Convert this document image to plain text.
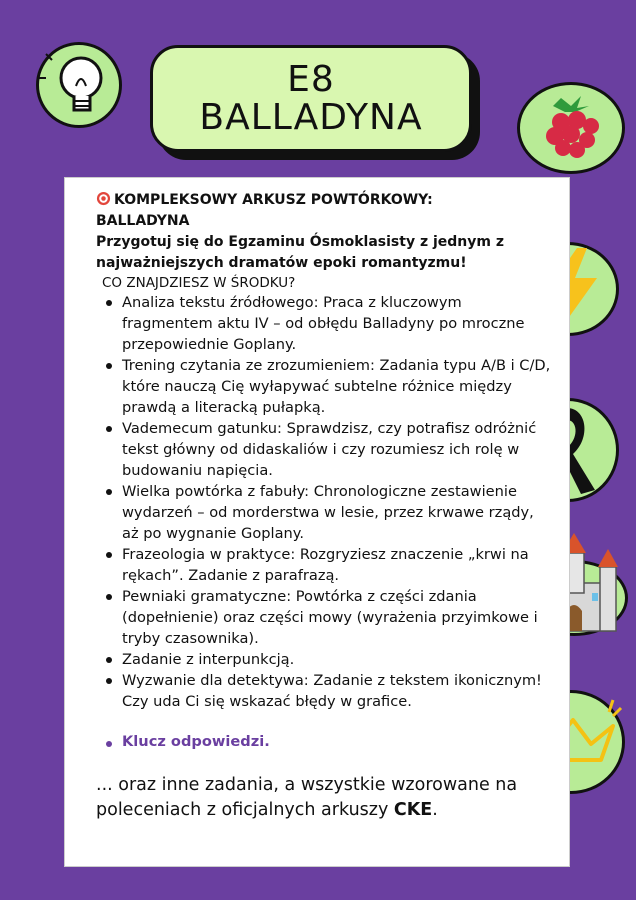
E8
BALLADYNA
KOMPLEKSOWY ARKUSZ POWTÓRKOWY: BALLADYNA
Przygotuj się do Egzaminu Ósmoklasisty z jednym z najważniejszych dramatów epoki romantyzmu!
CO ZNAJDZIESZ W ŚRODKU?
Analiza tekstu źródłowego: Praca z kluczowym fragmentem aktu IV – od obłędu Balladyny po mroczne przepowiednie Goplany.
Trening czytania ze zrozumieniem: Zadania typu A/B i C/D, które nauczą Cię wyłapywać subtelne różnice między prawdą a literacką pułapką.
Vademecum gatunku: Sprawdzisz, czy potrafisz odróżnić tekst główny od didaskaliów i czy rozumiesz ich rolę w budowaniu napięcia.
Wielka powtórka z fabuły: Chronologiczne zestawienie wydarzeń – od morderstwa w lesie, przez krwawe rządy, aż po wygnanie Goplany.
Frazeologia w praktyce: Rozgryziesz znaczenie „krwi na rękach”. Zadanie z parafrazą.
Pewniaki gramatyczne: Powtórka z części zdania (dopełnienie) oraz części mowy (wyrażenia przyimkowe i tryby czasownika).
Zadanie z interpunkcją.
Wyzwanie dla detektywa: Zadanie z tekstem ikonicznym! Czy uda Ci się wskazać błędy w grafice.
Klucz odpowiedzi.
... oraz inne zadania, a wszystkie wzorowane na poleceniach z oficjalnych arkuszy CKE.
